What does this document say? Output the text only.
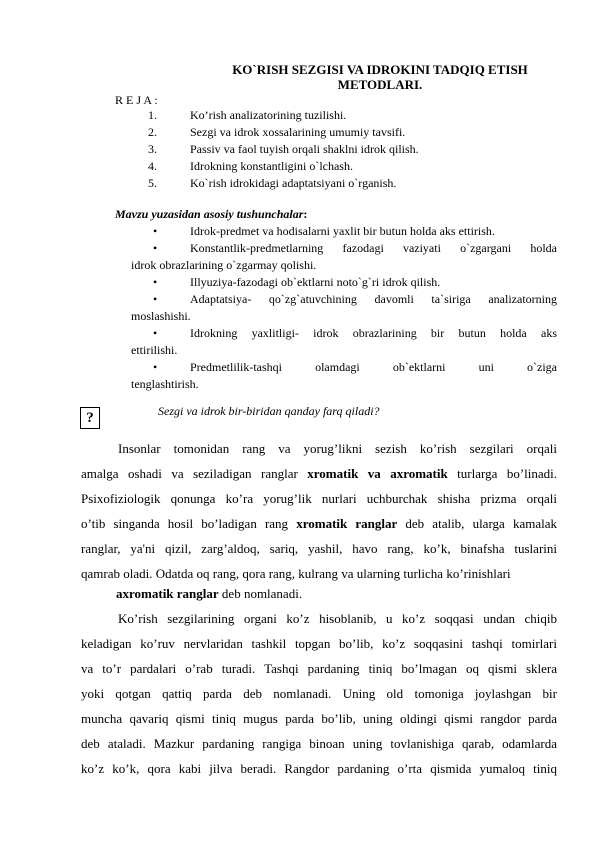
KO`RISH SEZGISI VA IDROKINI TADQIQ ETISH
METODLARI.
R E J A :
1.	Ko’rish analizatorining tuzilishi.
2.	Sezgi va idrok xossalarining umumiy tavsifi.
3.	Passiv va faol tuyish orqali shaklni idrok qilish.
4.	Idrokning konstantligini o`lchash.
5.	Ko`rish idrokidagi adaptatsiyani o`rganish.
Mavzu yuzasidan asosiy tushunchalar:
•	Idrok-predmet va hodisalarni yaxlit bir butun holda aks ettirish.
•	Konstantlik-predmetlarning fazodagi vaziyati o`zgargani holda
idrok obrazlarining o`zgarmay qolishi.
•	Illyuziya-fazodagi ob`ektlarni noto`g`ri idrok qilish.
•	Adaptatsiya- qo`zg`atuvchining davomli ta`siriga analizatorning
moslashishi.
•	Idrokning yaxlitligi- idrok obrazlarining bir butun holda aks
ettirilishi.
•	Predmetlilik-tashqi olamdagi ob`ektlarni uni o`ziga
tenglashtirish.
?	Sezgi va idrok bir-biridan qanday farq qiladi?
Insonlar tomonidan rang va yorug’likni sezish ko’rish sezgilari orqali
amalga oshadi va seziladigan ranglar xromatik va axromatik turlarga bo’linadi.
Psixofiziologik qonunga ko’ra yorug’lik nurlari uchburchak shisha prizma orqali
o’tib singanda hosil bo’ladigan rang xromatik ranglar deb atalib, ularga kamalak
ranglar, ya'ni qizil, zarg’aldoq, sariq, yashil, havo rang, ko’k, binafsha tuslarini
qamrab oladi. Odatda oq rang, qora rang, kulrang va ularning turlicha ko’rinishlari
axromatik ranglar deb nomlanadi.
Ko’rish sezgilarining organi ko’z hisoblanib, u ko’z soqqasi undan chiqib
keladigan ko’ruv nervlaridan tashkil topgan bo’lib, ko’z soqqasini tashqi tomirlari
va to’r pardalari o’rab turadi. Tashqi pardaning tiniq bo’lmagan oq qismi sklera
yoki qotgan qattiq parda deb nomlanadi. Uning old tomoniga joylashgan bir
muncha qavariq qismi tiniq mugus parda bo’lib, uning oldingi qismi rangdor parda
deb ataladi. Mazkur pardaning rangiga binoan uning tovlanishiga qarab, odamlarda
ko’z ko’k, qora kabi jilva beradi. Rangdor pardaning o’rta qismida yumaloq tiniq
